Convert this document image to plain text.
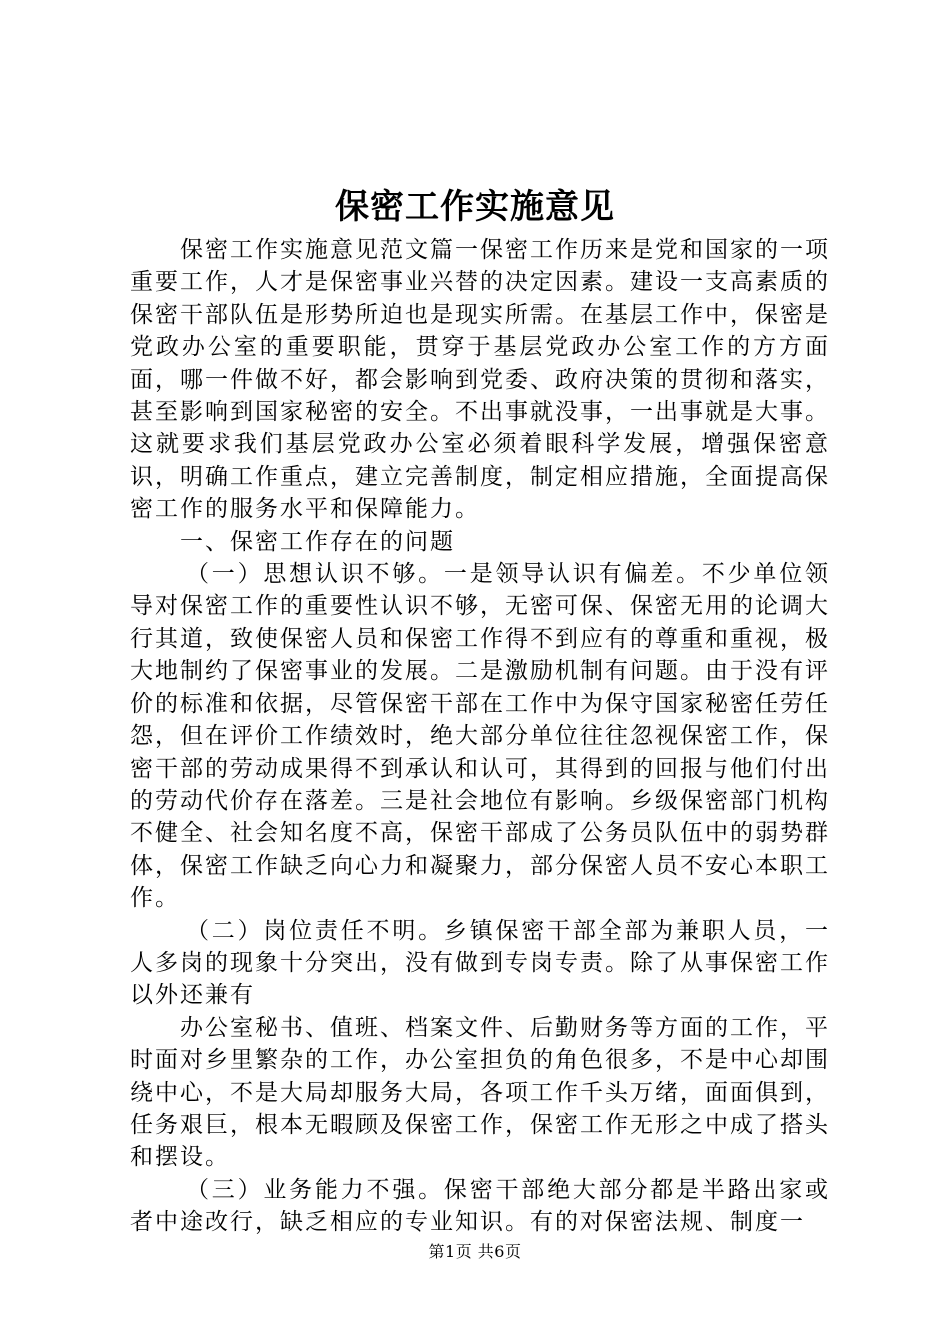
保密工作实施意见

保密工作实施意见范文篇一保密工作历来是党和国家的一项重要工作，人才是保密事业兴替的决定因素。建设一支高素质的保密干部队伍是形势所迫也是现实所需。在基层工作中，保密是党政办公室的重要职能，贯穿于基层党政办公室工作的方方面面，哪一件做不好，都会影响到党委、政府决策的贯彻和落实，甚至影响到国家秘密的安全。不出事就没事，一出事就是大事。这就要求我们基层党政办公室必须着眼科学发展，增强保密意识，明确工作重点，建立完善制度，制定相应措施，全面提高保密工作的服务水平和保障能力。

一、保密工作存在的问题

（一）思想认识不够。一是领导认识有偏差。不少单位领导对保密工作的重要性认识不够，无密可保、保密无用的论调大行其道，致使保密人员和保密工作得不到应有的尊重和重视，极大地制约了保密事业的发展。二是激励机制有问题。由于没有评价的标准和依据，尽管保密干部在工作中为保守国家秘密任劳任怨，但在评价工作绩效时，绝大部分单位往往忽视保密工作，保密干部的劳动成果得不到承认和认可，其得到的回报与他们付出的劳动代价存在落差。三是社会地位有影响。乡级保密部门机构不健全、社会知名度不高，保密干部成了公务员队伍中的弱势群体，保密工作缺乏向心力和凝聚力，部分保密人员不安心本职工作。

（二）岗位责任不明。乡镇保密干部全部为兼职人员，一人多岗的现象十分突出，没有做到专岗专责。除了从事保密工作以外还兼有

办公室秘书、值班、档案文件、后勤财务等方面的工作，平时面对乡里繁杂的工作，办公室担负的角色很多，不是中心却围绕中心，不是大局却服务大局，各项工作千头万绪，面面俱到，任务艰巨，根本无暇顾及保密工作，保密工作无形之中成了搭头和摆设。

（三）业务能力不强。保密干部绝大部分都是半路出家或者中途改行，缺乏相应的专业知识。有的对保密法规、制度一

第1页 共6页
